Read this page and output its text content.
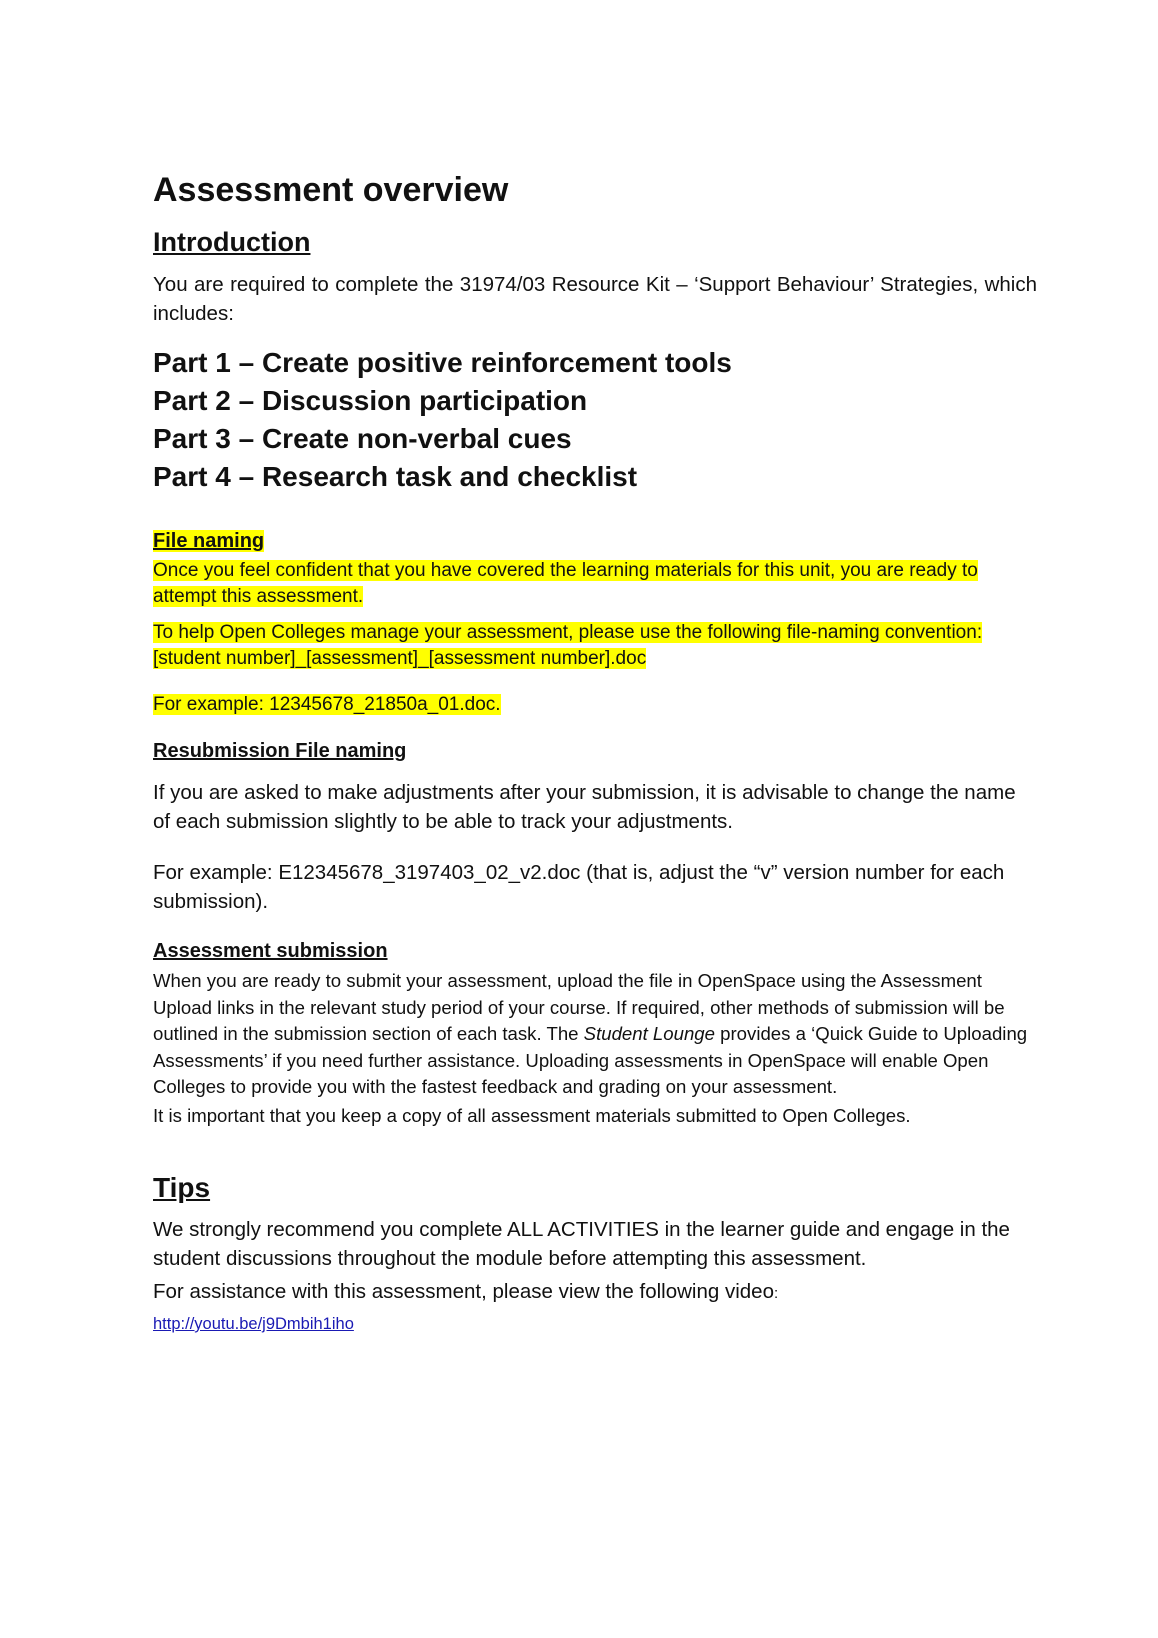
Assessment overview
Introduction

You are required to complete the 31974/03 Resource Kit – ‘Support Behaviour’ Strategies, which includes:

Part 1 – Create positive reinforcement tools
Part 2 – Discussion participation
Part 3 – Create non-verbal cues
Part 4 – Research task and checklist
File naming

Once you feel confident that you have covered the learning materials for this unit, you are ready to attempt this assessment.

To help Open Colleges manage your assessment, please use the following file-naming convention:
[student number]_[assessment]_[assessment number].doc

For example: 12345678_21850a_01.doc.

Resubmission File naming

If you are asked to make adjustments after your submission, it is advisable to change the name of each submission slightly to be able to track your adjustments.

For example: E12345678_3197403_02_v2.doc (that is, adjust the “v” version number for each submission).

Assessment submission

When you are ready to submit your assessment, upload the file in OpenSpace using the Assessment Upload links in the relevant study period of your course. If required, other methods of submission will be outlined in the submission section of each task. The Student Lounge provides a ‘Quick Guide to Uploading Assessments’ if you need further assistance. Uploading assessments in OpenSpace will enable Open Colleges to provide you with the fastest feedback and grading on your assessment.

It is important that you keep a copy of all assessment materials submitted to Open Colleges.

Tips

We strongly recommend you complete ALL ACTIVITIES in the learner guide and engage in the student discussions throughout the module before attempting this assessment.

For assistance with this assessment, please view the following video:
http://youtu.be/j9Dmbih1iho
